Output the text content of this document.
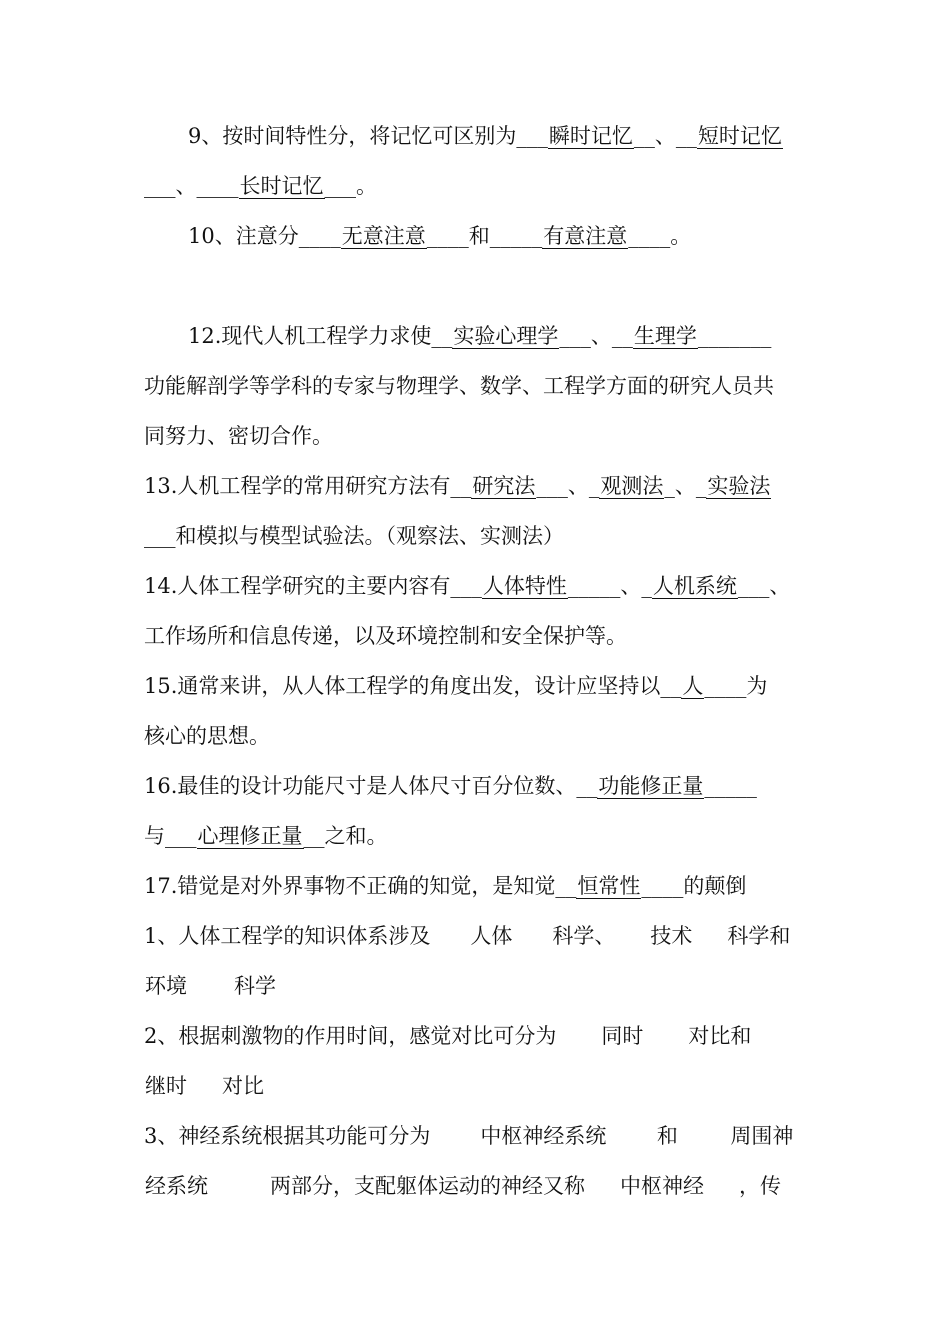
9、按时间特性分，将记忆可区别为___瞬时记忆__、__短时记忆
___、____长时记忆___。
10、注意分____无意注意____和_____有意注意____。
12.现代人机工程学力求使__实验心理学___、__生理学_______
功能解剖学等学科的专家与物理学、数学、工程学方面的研究人员共
同努力、密切合作。
13.人机工程学的常用研究方法有__研究法___、_观测法_、_实验法
___和模拟与模型试验法。（观察法、实测法）
14.人体工程学研究的主要内容有___人体特性_____、_人机系统___、
工作场所和信息传递，以及环境控制和安全保护等。
15.通常来讲，从人体工程学的角度出发，设计应坚持以__人____为
核心的思想。
16.最佳的设计功能尺寸是人体尺寸百分位数、__功能修正量_____
与___心理修正量__之和。
17.错觉是对外界事物不正确的知觉，是知觉__恒常性____的颠倒
1、人体工程学的知识体系涉及 人体 科学、 技术 科学和
环境 科学
2、根据刺激物的作用时间，感觉对比可分为 同时 对比和
继时 对比
3、神经系统根据其功能可分为 中枢神经系统 和	周围神
经系统	两部分，支配躯体运动的神经又称 中枢神经 ，传
